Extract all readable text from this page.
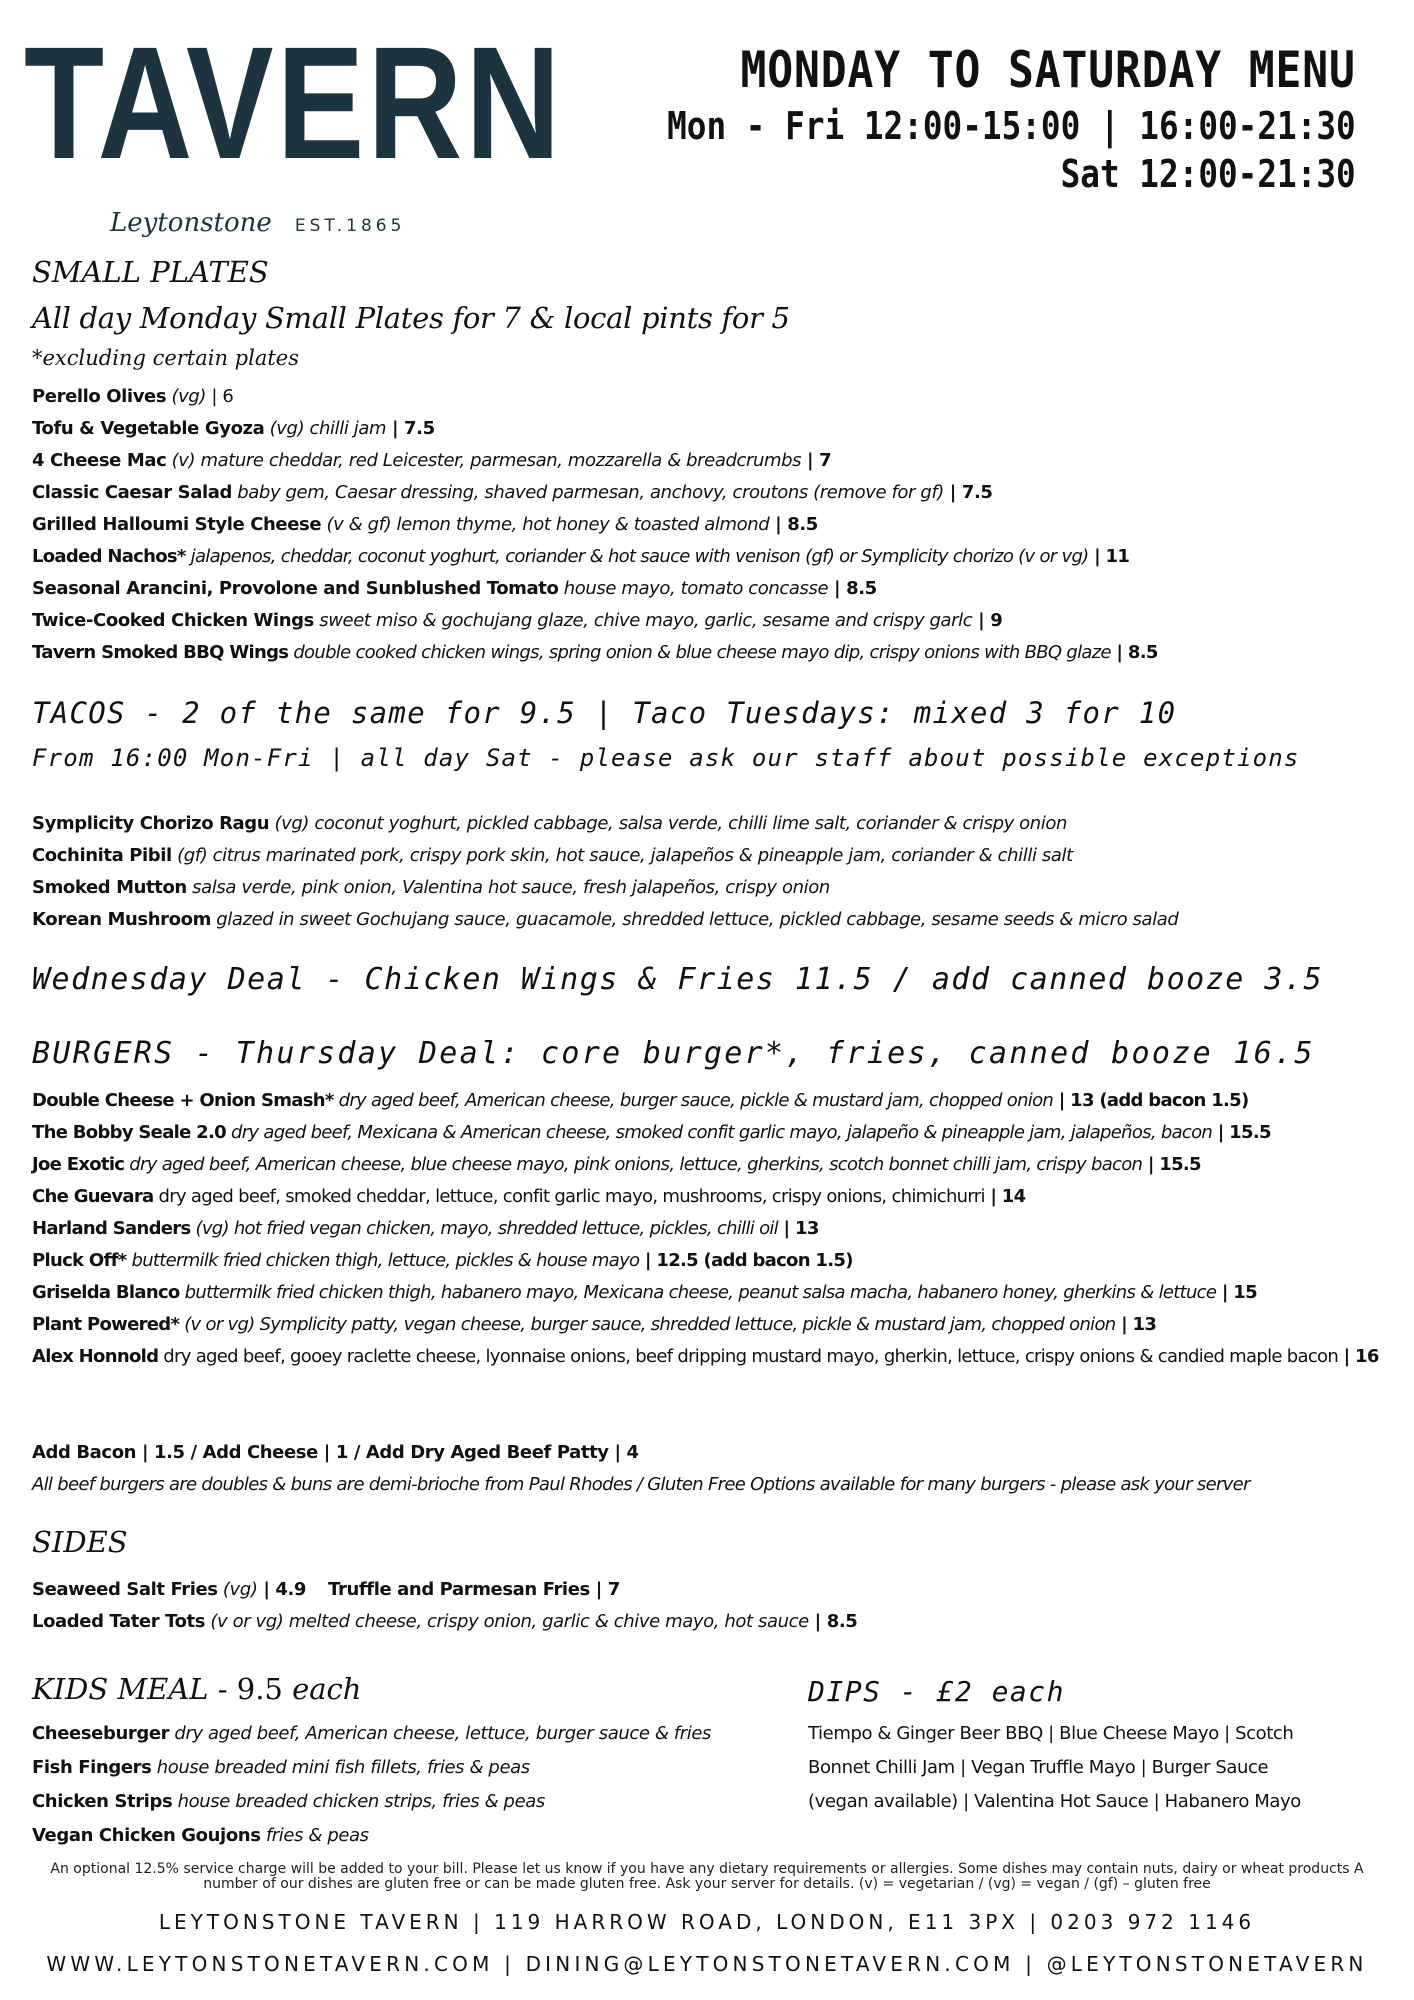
TAVERN
Leytonstone EST.1865
MONDAY TO SATURDAY MENU
Mon - Fri 12:00-15:00 | 16:00-21:30
Sat 12:00-21:30
SMALL PLATES
All day Monday Small Plates for 7 & local pints for 5
*excluding certain plates
Perello Olives (vg) | 6
Tofu & Vegetable Gyoza (vg) chilli jam | 7.5
4 Cheese Mac (v) mature cheddar, red Leicester, parmesan, mozzarella & breadcrumbs | 7
Classic Caesar Salad baby gem, Caesar dressing, shaved parmesan, anchovy, croutons (remove for gf) | 7.5
Grilled Halloumi Style Cheese (v & gf) lemon thyme, hot honey & toasted almond | 8.5
Loaded Nachos* jalapenos, cheddar, coconut yoghurt, coriander & hot sauce with venison (gf) or Symplicity chorizo (v or vg) | 11
Seasonal Arancini, Provolone and Sunblushed Tomato house mayo, tomato concasse | 8.5
Twice-Cooked Chicken Wings sweet miso & gochujang glaze, chive mayo, garlic, sesame and crispy garlc | 9
Tavern Smoked BBQ Wings double cooked chicken wings, spring onion & blue cheese mayo dip, crispy onions with BBQ glaze | 8.5
TACOS - 2 of the same for 9.5 | Taco Tuesdays: mixed 3 for 10
From 16:00 Mon-Fri | all day Sat - please ask our staff about possible exceptions
Symplicity Chorizo Ragu (vg) coconut yoghurt, pickled cabbage, salsa verde, chilli lime salt, coriander & crispy onion
Cochinita Pibil (gf) citrus marinated pork, crispy pork skin, hot sauce, jalapeños & pineapple jam, coriander & chilli salt
Smoked Mutton salsa verde, pink onion, Valentina hot sauce, fresh jalapeños, crispy onion
Korean Mushroom glazed in sweet Gochujang sauce, guacamole, shredded lettuce, pickled cabbage, sesame seeds & micro salad
Wednesday Deal - Chicken Wings & Fries 11.5 / add canned booze 3.5
BURGERS - Thursday Deal: core burger*, fries, canned booze 16.5
Double Cheese + Onion Smash* dry aged beef, American cheese, burger sauce, pickle & mustard jam, chopped onion | 13 (add bacon 1.5)
The Bobby Seale 2.0 dry aged beef, Mexicana & American cheese, smoked confit garlic mayo, jalapeño & pineapple jam, jalapeños, bacon | 15.5
Joe Exotic dry aged beef, American cheese, blue cheese mayo, pink onions, lettuce, gherkins, scotch bonnet chilli jam, crispy bacon | 15.5
Che Guevara dry aged beef, smoked cheddar, lettuce, confit garlic mayo, mushrooms, crispy onions, chimichurri | 14
Harland Sanders (vg) hot fried vegan chicken, mayo, shredded lettuce, pickles, chilli oil | 13
Pluck Off* buttermilk fried chicken thigh, lettuce, pickles & house mayo | 12.5 (add bacon 1.5)
Griselda Blanco buttermilk fried chicken thigh, habanero mayo, Mexicana cheese, peanut salsa macha, habanero honey, gherkins & lettuce | 15
Plant Powered* (v or vg) Symplicity patty, vegan cheese, burger sauce, shredded lettuce, pickle & mustard jam, chopped onion | 13
Alex Honnold dry aged beef, gooey raclette cheese, lyonnaise onions, beef dripping mustard mayo, gherkin, lettuce, crispy onions & candied maple bacon | 16
Add Bacon | 1.5 / Add Cheese | 1 / Add Dry Aged Beef Patty | 4
All beef burgers are doubles & buns are demi-brioche from Paul Rhodes / Gluten Free Options available for many burgers - please ask your server
SIDES
Seaweed Salt Fries (vg) | 4.9 Truffle and Parmesan Fries | 7
Loaded Tater Tots (v or vg) melted cheese, crispy onion, garlic & chive mayo, hot sauce | 8.5
KIDS MEAL - 9.5 each
Cheeseburger dry aged beef, American cheese, lettuce, burger sauce & fries
Fish Fingers house breaded mini fish fillets, fries & peas
Chicken Strips house breaded chicken strips, fries & peas
Vegan Chicken Goujons fries & peas
DIPS - £2 each
Tiempo & Ginger Beer BBQ | Blue Cheese Mayo | Scotch Bonnet Chilli Jam | Vegan Truffle Mayo | Burger Sauce (vegan available) | Valentina Hot Sauce | Habanero Mayo
An optional 12.5% service charge will be added to your bill. Please let us know if you have any dietary requirements or allergies. Some dishes may contain nuts, dairy or wheat products A number of our dishes are gluten free or can be made gluten free. Ask your server for details. (v) = vegetarian / (vg) = vegan / (gf) – gluten free
LEYTONSTONE TAVERN | 119 HARROW ROAD, LONDON, E11 3PX | 0203 972 1146
WWW.LEYTONSTONETAVERN.COM | DINING@LEYTONSTONETAVERN.COM | @LEYTONSTONETAVERN
